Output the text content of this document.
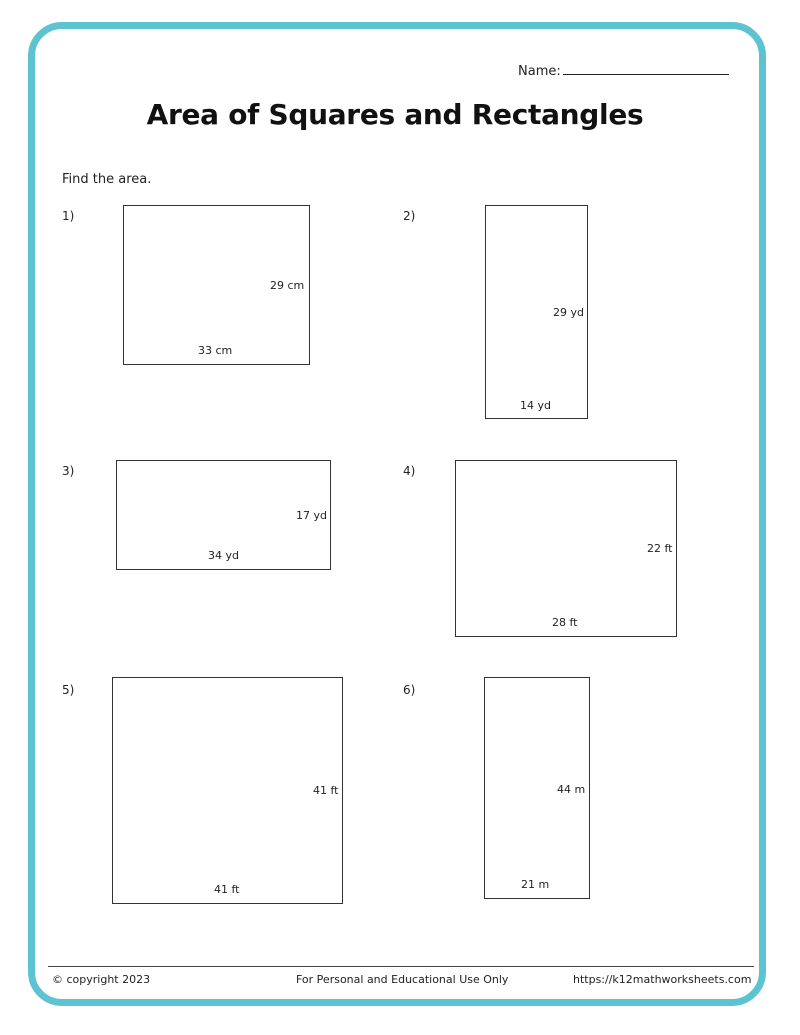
Name:
Area of Squares and Rectangles
Find the area.
1)
29 cm
33 cm
2)
29 yd
14 yd
3)
17 yd
34 yd
4)
22 ft
28 ft
5)
41 ft
41 ft
6)
44 m
21 m
© copyright 2023	For Personal and Educational Use Only	https://k12mathworksheets.com
